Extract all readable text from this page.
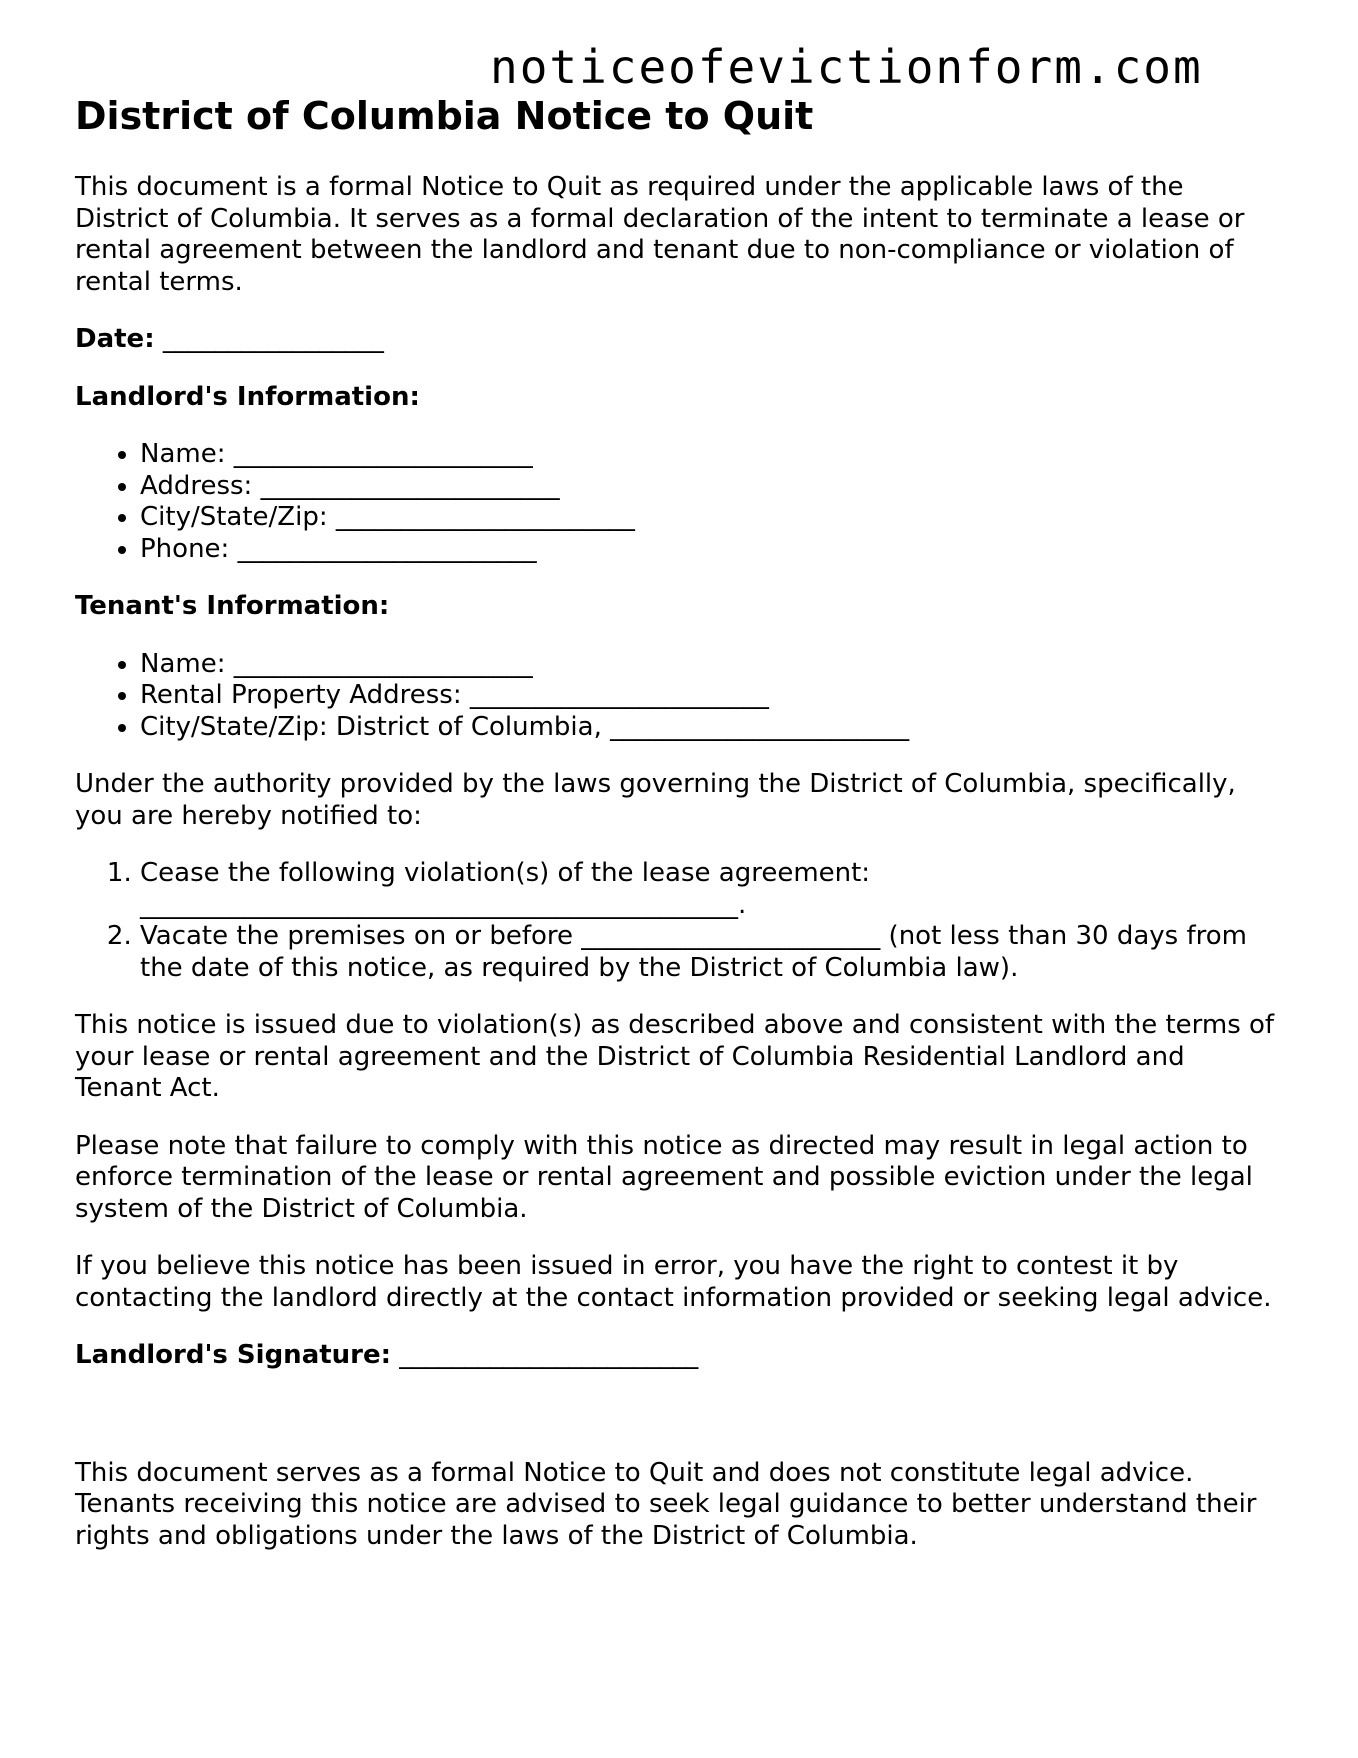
noticeofevictionform.com
District of Columbia Notice to Quit

This document is a formal Notice to Quit as required under the applicable laws of the District of Columbia. It serves as a formal declaration of the intent to terminate a lease or rental agreement between the landlord and tenant due to non-compliance or violation of rental terms.

Date: _________________

Landlord's Information:

• Name: _______________________
• Address: _______________________
• City/State/Zip: _______________________
• Phone: _______________________

Tenant's Information:

• Name: _______________________
• Rental Property Address: _______________________
• City/State/Zip: District of Columbia, _______________________

Under the authority provided by the laws governing the District of Columbia, specifically, you are hereby notified to:

1. Cease the following violation(s) of the lease agreement: ______________________________________________.
2. Vacate the premises on or before _______________________ (not less than 30 days from the date of this notice, as required by the District of Columbia law).

This notice is issued due to violation(s) as described above and consistent with the terms of your lease or rental agreement and the District of Columbia Residential Landlord and Tenant Act.

Please note that failure to comply with this notice as directed may result in legal action to enforce termination of the lease or rental agreement and possible eviction under the legal system of the District of Columbia.

If you believe this notice has been issued in error, you have the right to contest it by contacting the landlord directly at the contact information provided or seeking legal advice.

Landlord's Signature: _______________________

This document serves as a formal Notice to Quit and does not constitute legal advice. Tenants receiving this notice are advised to seek legal guidance to better understand their rights and obligations under the laws of the District of Columbia.
